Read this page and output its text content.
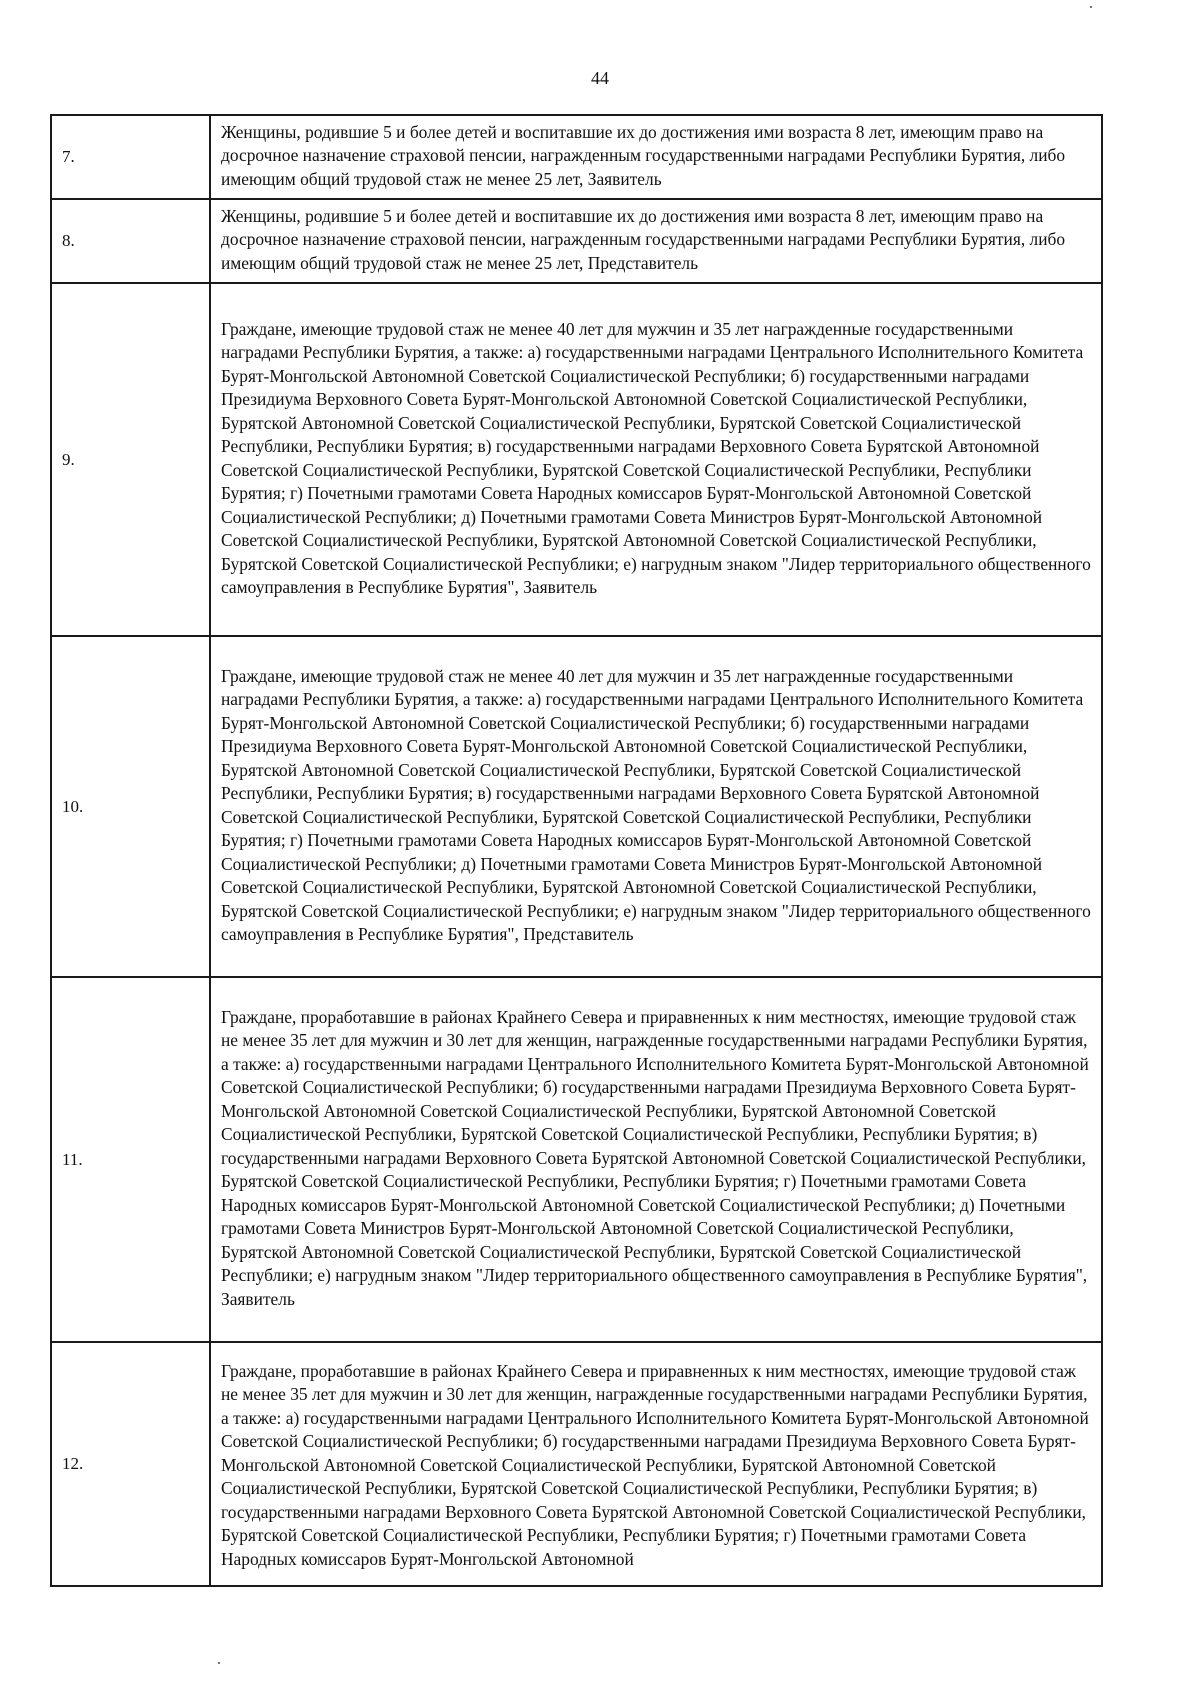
44
7.	Женщины, родившие 5 и более детей и воспитавшие их до достижения ими возраста 8 лет, имеющим право на досрочное назначение страховой пенсии, награжденным государственными наградами Республики Бурятия, либо имеющим общий трудовой стаж не менее 25 лет, Заявитель
8.	Женщины, родившие 5 и более детей и воспитавшие их до достижения ими возраста 8 лет, имеющим право на досрочное назначение страховой пенсии, награжденным государственными наградами Республики Бурятия, либо имеющим общий трудовой стаж не менее 25 лет, Представитель
9.	Граждане, имеющие трудовой стаж не менее 40 лет для мужчин и 35 лет награжденные государственными наградами Республики Бурятия, а также: а) государственными наградами Центрального Исполнительного Комитета Бурят-Монгольской Автономной Советской Социалистической Республики; б) государственными наградами Президиума Верховного Совета Бурят-Монгольской Автономной Советской Социалистической Республики, Бурятской Автономной Советской Социалистической Республики, Бурятской Советской Социалистической Республики, Республики Бурятия; в) государственными наградами Верховного Совета Бурятской Автономной Советской Социалистической Республики, Бурятской Советской Социалистической Республики, Республики Бурятия; г) Почетными грамотами Совета Народных комиссаров Бурят-Монгольской Автономной Советской Социалистической Республики; д) Почетными грамотами Совета Министров Бурят-Монгольской Автономной Советской Социалистической Республики, Бурятской Автономной Советской Социалистической Республики, Бурятской Советской Социалистической Республики; е) нагрудным знаком "Лидер территориального общественного самоуправления в Республике Бурятия", Заявитель
10.	Граждане, имеющие трудовой стаж не менее 40 лет для мужчин и 35 лет награжденные государственными наградами Республики Бурятия, а также: а) государственными наградами Центрального Исполнительного Комитета Бурят-Монгольской Автономной Советской Социалистической Республики; б) государственными наградами Президиума Верховного Совета Бурят-Монгольской Автономной Советской Социалистической Республики, Бурятской Автономной Советской Социалистической Республики, Бурятской Советской Социалистической Республики, Республики Бурятия; в) государственными наградами Верховного Совета Бурятской Автономной Советской Социалистической Республики, Бурятской Советской Социалистической Республики, Республики Бурятия; г) Почетными грамотами Совета Народных комиссаров Бурят-Монгольской Автономной Советской Социалистической Республики; д) Почетными грамотами Совета Министров Бурят-Монгольской Автономной Советской Социалистической Республики, Бурятской Автономной Советской Социалистической Республики, Бурятской Советской Социалистической Республики; е) нагрудным знаком "Лидер территориального общественного самоуправления в Республике Бурятия", Представитель
11.	Граждане, проработавшие в районах Крайнего Севера и приравненных к ним местностях, имеющие трудовой стаж не менее 35 лет для мужчин и 30 лет для женщин, награжденные государственными наградами Республики Бурятия, а также: а) государственными наградами Центрального Исполнительного Комитета Бурят-Монгольской Автономной Советской Социалистической Республики; б) государственными наградами Президиума Верховного Совета Бурят-Монгольской Автономной Советской Социалистической Республики, Бурятской Автономной Советской Социалистической Республики, Бурятской Советской Социалистической Республики, Республики Бурятия; в) государственными наградами Верховного Совета Бурятской Автономной Советской Социалистической Республики, Бурятской Советской Социалистической Республики, Республики Бурятия; г) Почетными грамотами Совета Народных комиссаров Бурят-Монгольской Автономной Советской Социалистической Республики; д) Почетными грамотами Совета Министров Бурят-Монгольской Автономной Советской Социалистической Республики, Бурятской Автономной Советской Социалистической Республики, Бурятской Советской Социалистической Республики; е) нагрудным знаком "Лидер территориального общественного самоуправления в Республике Бурятия", Заявитель
12.	Граждане, проработавшие в районах Крайнего Севера и приравненных к ним местностях, имеющие трудовой стаж не менее 35 лет для мужчин и 30 лет для женщин, награжденные государственными наградами Республики Бурятия, а также: а) государственными наградами Центрального Исполнительного Комитета Бурят-Монгольской Автономной Советской Социалистической Республики; б) государственными наградами Президиума Верховного Совета Бурят-Монгольской Автономной Советской Социалистической Республики, Бурятской Автономной Советской Социалистической Республики, Бурятской Советской Социалистической Республики, Республики Бурятия; в) государственными наградами Верховного Совета Бурятской Автономной Советской Социалистической Республики, Бурятской Советской Социалистической Республики, Республики Бурятия; г) Почетными грамотами Совета Народных комиссаров Бурят-Монгольской Автономной
